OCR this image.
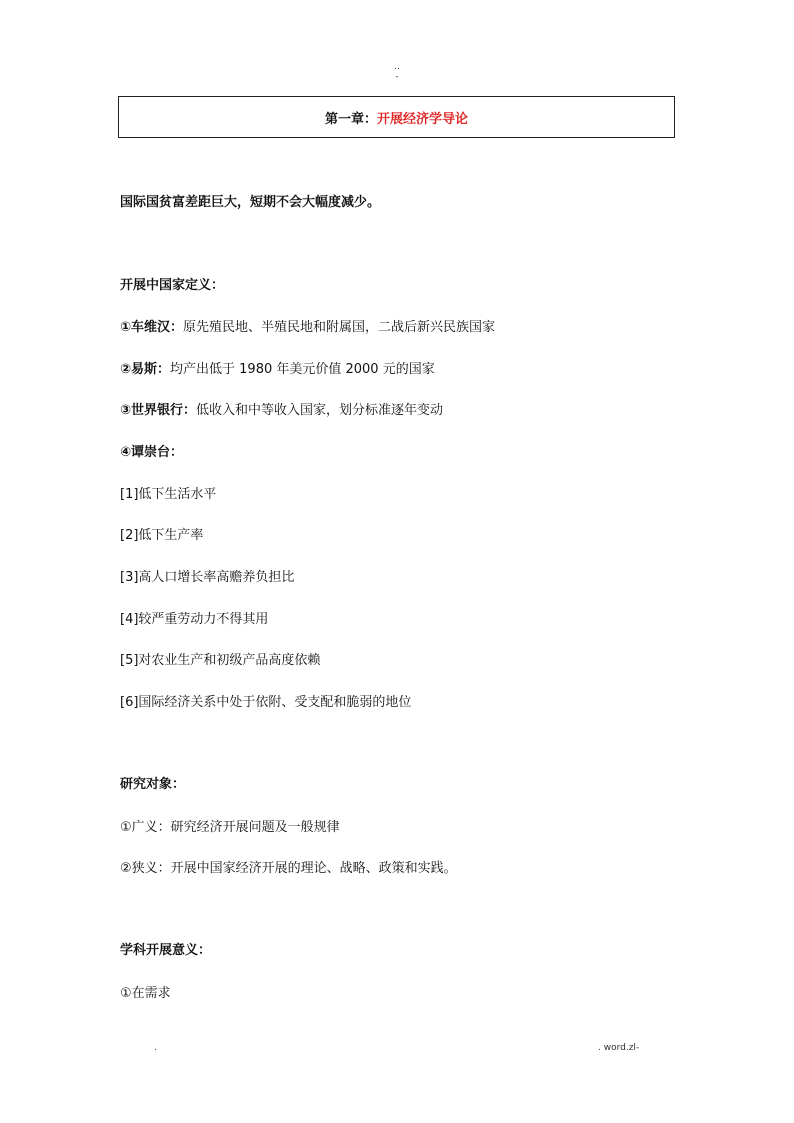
..
-
第一章： 开展经济学导论
国际国贫富差距巨大，短期不会大幅度减少。
开展中国家定义：
①车维汉：原先殖民地、半殖民地和附属国，二战后新兴民族国家
②易斯：均产出低于 1980 年美元价值 2000 元的国家
③世界银行：低收入和中等收入国家，划分标准逐年变动
④谭崇台：
[1]低下生活水平
[2]低下生产率
[3]高人口增长率高赡养负担比
[4]较严重劳动力不得其用
[5]对农业生产和初级产品高度依赖
[6]国际经济关系中处于依附、受支配和脆弱的地位
研究对象：
①广义：研究经济开展问题及一般规律
②狭义：开展中国家经济开展的理论、战略、政策和实践。
学科开展意义：
①在需求
.	. word.zl-
